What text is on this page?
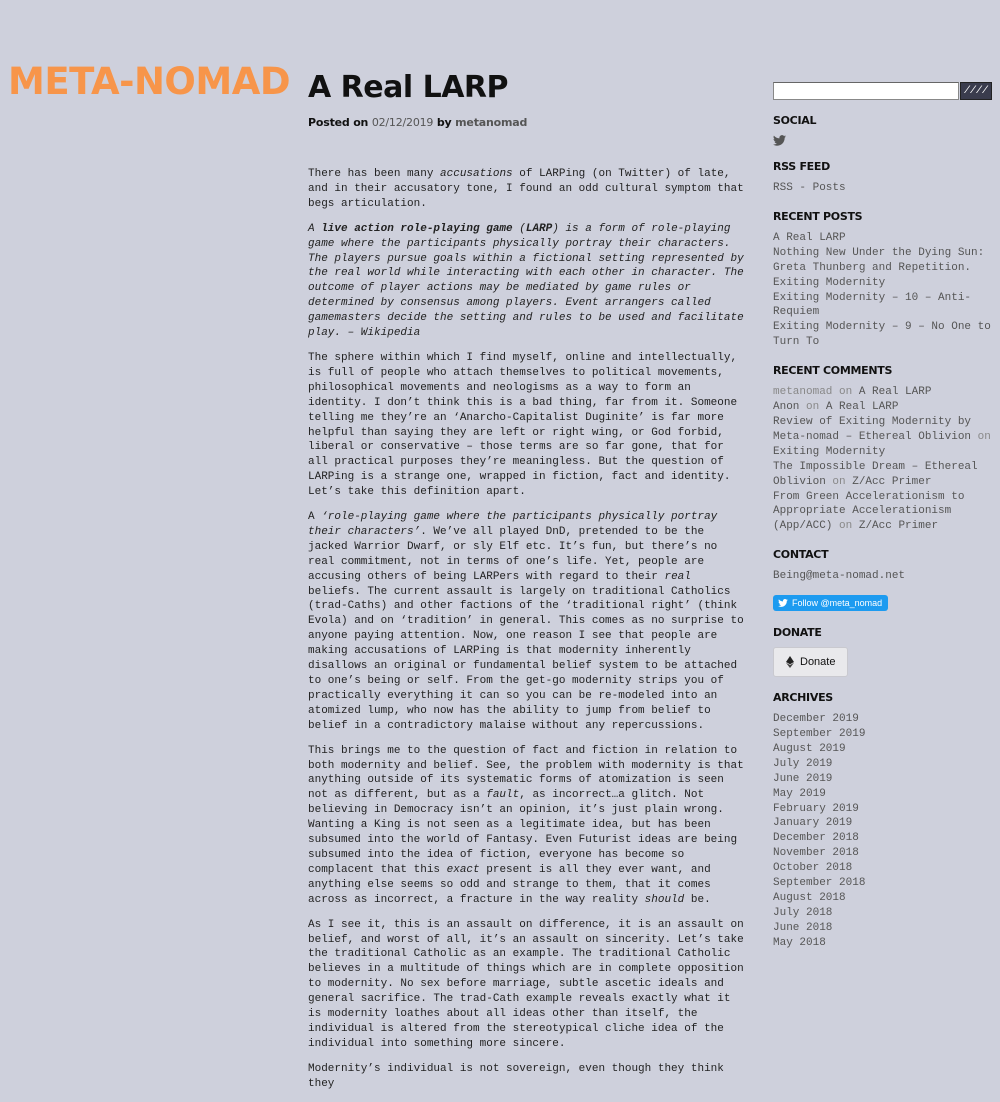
META-NOMAD A Real LARP
Posted on 02/12/2019 by metanomad

There has been many accusations of LARPing (on Twitter) of late, and in their accusatory tone, I found an odd cultural symptom that begs articulation.

A live action role-playing game (LARP) is a form of role-playing game where the participants physically portray their characters. The players pursue goals within a fictional setting represented by the real world while interacting with each other in character. The outcome of player actions may be mediated by game rules or determined by consensus among players. Event arrangers called gamemasters decide the setting and rules to be used and facilitate play. – Wikipedia

The sphere within which I find myself, online and intellectually, is full of people who attach themselves to political movements, philosophical movements and neologisms as a way to form an identity. I don’t think this is a bad thing, far from it. Someone telling me they’re an ‘Anarcho-Capitalist Duginite’ is far more helpful than saying they are left or right wing, or God forbid, liberal or conservative – those terms are so far gone, that for all practical purposes they’re meaningless. But the question of LARPing is a strange one, wrapped in fiction, fact and identity. Let’s take this definition apart.

A ‘role-playing game where the participants physically portray their characters’. We’ve all played DnD, pretended to be the jacked Warrior Dwarf, or sly Elf etc. It’s fun, but there’s no real commitment, not in terms of one’s life. Yet, people are accusing others of being LARPers with regard to their real beliefs. The current assault is largely on traditional Catholics (trad-Caths) and other factions of the ‘traditional right’ (think Evola) and on ‘tradition’ in general. This comes as no surprise to anyone paying attention. Now, one reason I see that people are making accusations of LARPing is that modernity inherently disallows an original or fundamental belief system to be attached to one’s being or self. From the get-go modernity strips you of practically everything it can so you can be re-modeled into an atomized lump, who now has the ability to jump from belief to belief in a contradictory malaise without any repercussions.

This brings me to the question of fact and fiction in relation to both modernity and belief. See, the problem with modernity is that anything outside of its systematic forms of atomization is seen not as different, but as a fault, as incorrect…a glitch. Not believing in Democracy isn’t an opinion, it’s just plain wrong. Wanting a King is not seen as a legitimate idea, but has been subsumed into the world of Fantasy. Even Futurist ideas are being subsumed into the idea of fiction, everyone has become so complacent that this exact present is all they ever want, and anything else seems so odd and strange to them, that it comes across as incorrect, a fracture in the way reality should be.

As I see it, this is an assault on difference, it is an assault on belief, and worst of all, it’s an assault on sincerity. Let’s take the traditional Catholic as an example. The traditional Catholic believes in a multitude of things which are in complete opposition to modernity. No sex before marriage, subtle ascetic ideals and general sacrifice. The trad-Cath example reveals exactly what it is modernity loathes about all ideas other than itself, the individual is altered from the stereotypical cliche idea of the individual into something more sincere.

Modernity’s individual is not sovereign, even though they think they

////
SOCIAL
RSS FEED
RSS - Posts
RECENT POSTS
A Real LARP
Nothing New Under the Dying Sun: Greta Thunberg and Repetition.
Exiting Modernity
Exiting Modernity – 10 – Anti-Requiem
Exiting Modernity – 9 – No One to Turn To
RECENT COMMENTS
metanomad on A Real LARP
Anon on A Real LARP
Review of Exiting Modernity by Meta-nomad – Ethereal Oblivion on Exiting Modernity
The Impossible Dream – Ethereal Oblivion on Z/Acc Primer
From Green Accelerationism to Appropriate Accelerationism (App/ACC) on Z/Acc Primer
CONTACT
Being@meta-nomad.net
Follow @meta_nomad
DONATE
Donate
ARCHIVES
December 2019
September 2019
August 2019
July 2019
June 2019
May 2019
February 2019
January 2019
December 2018
November 2018
October 2018
September 2018
August 2018
July 2018
June 2018
May 2018
